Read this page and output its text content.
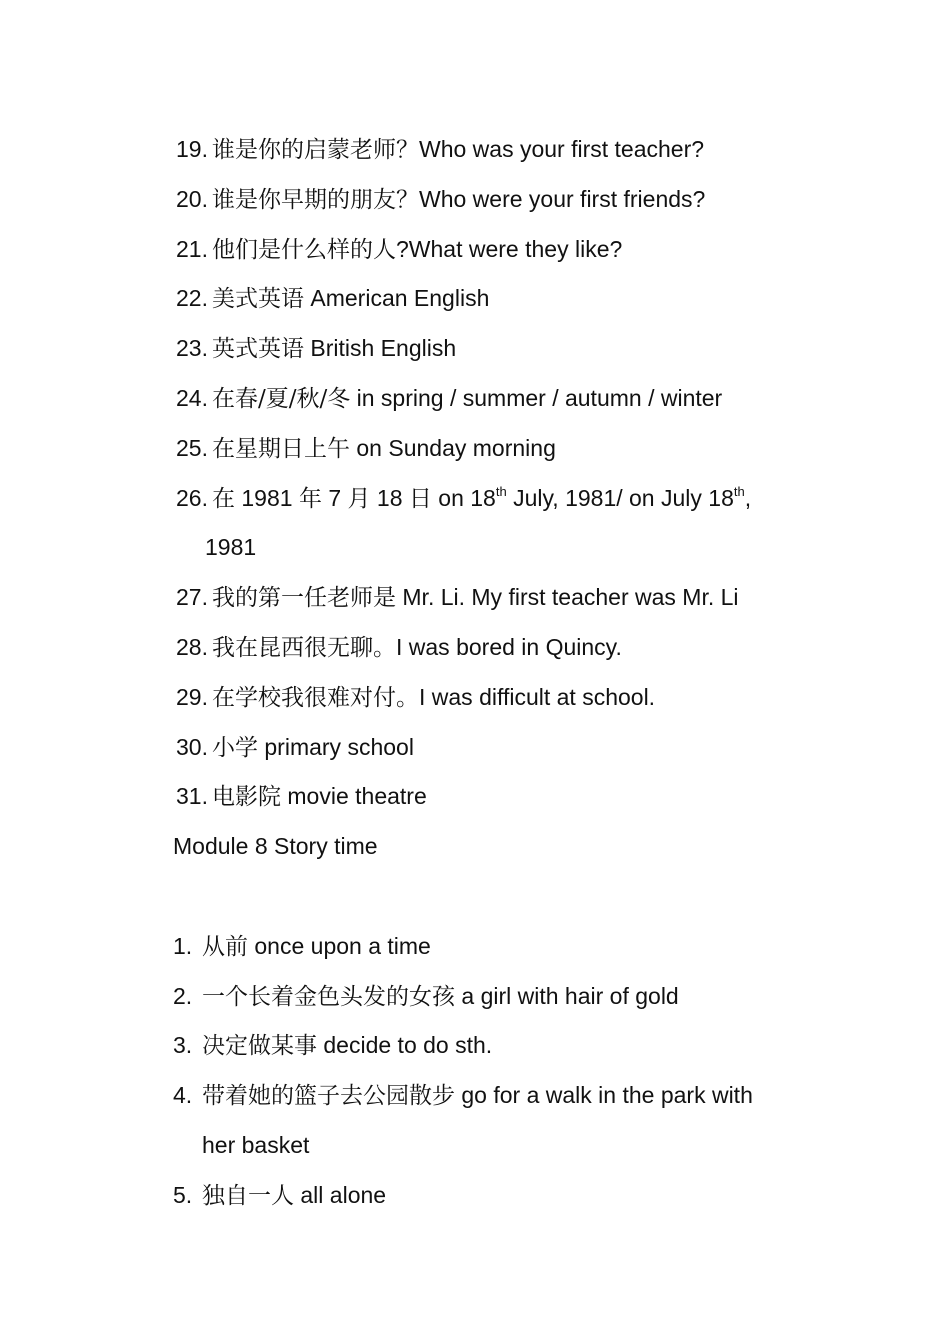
19. 谁是你的启蒙老师？Who was your first teacher?
20. 谁是你早期的朋友？Who were your first friends?
21. 他们是什么样的人?What were they like?
22. 美式英语 American English
23. 英式英语 British English
24. 在春/夏/秋/冬 in spring / summer / autumn / winter
25. 在星期日上午 on Sunday morning
26. 在 1981 年 7 月 18 日 on 18th July, 1981/ on July 18th,
1981
27. 我的第一任老师是 Mr. Li. My first teacher was Mr. Li
28. 我在昆西很无聊。I was bored in Quincy.
29. 在学校我很难对付。I was difficult at school.
30. 小学 primary school
31. 电影院 movie theatre
Module 8 Story time
1. 从前 once upon a time
2. 一个长着金色头发的女孩 a girl with hair of gold
3. 决定做某事 decide to do sth.
4. 带着她的篮子去公园散步 go for a walk in the park with
her basket
5. 独自一人 all alone
